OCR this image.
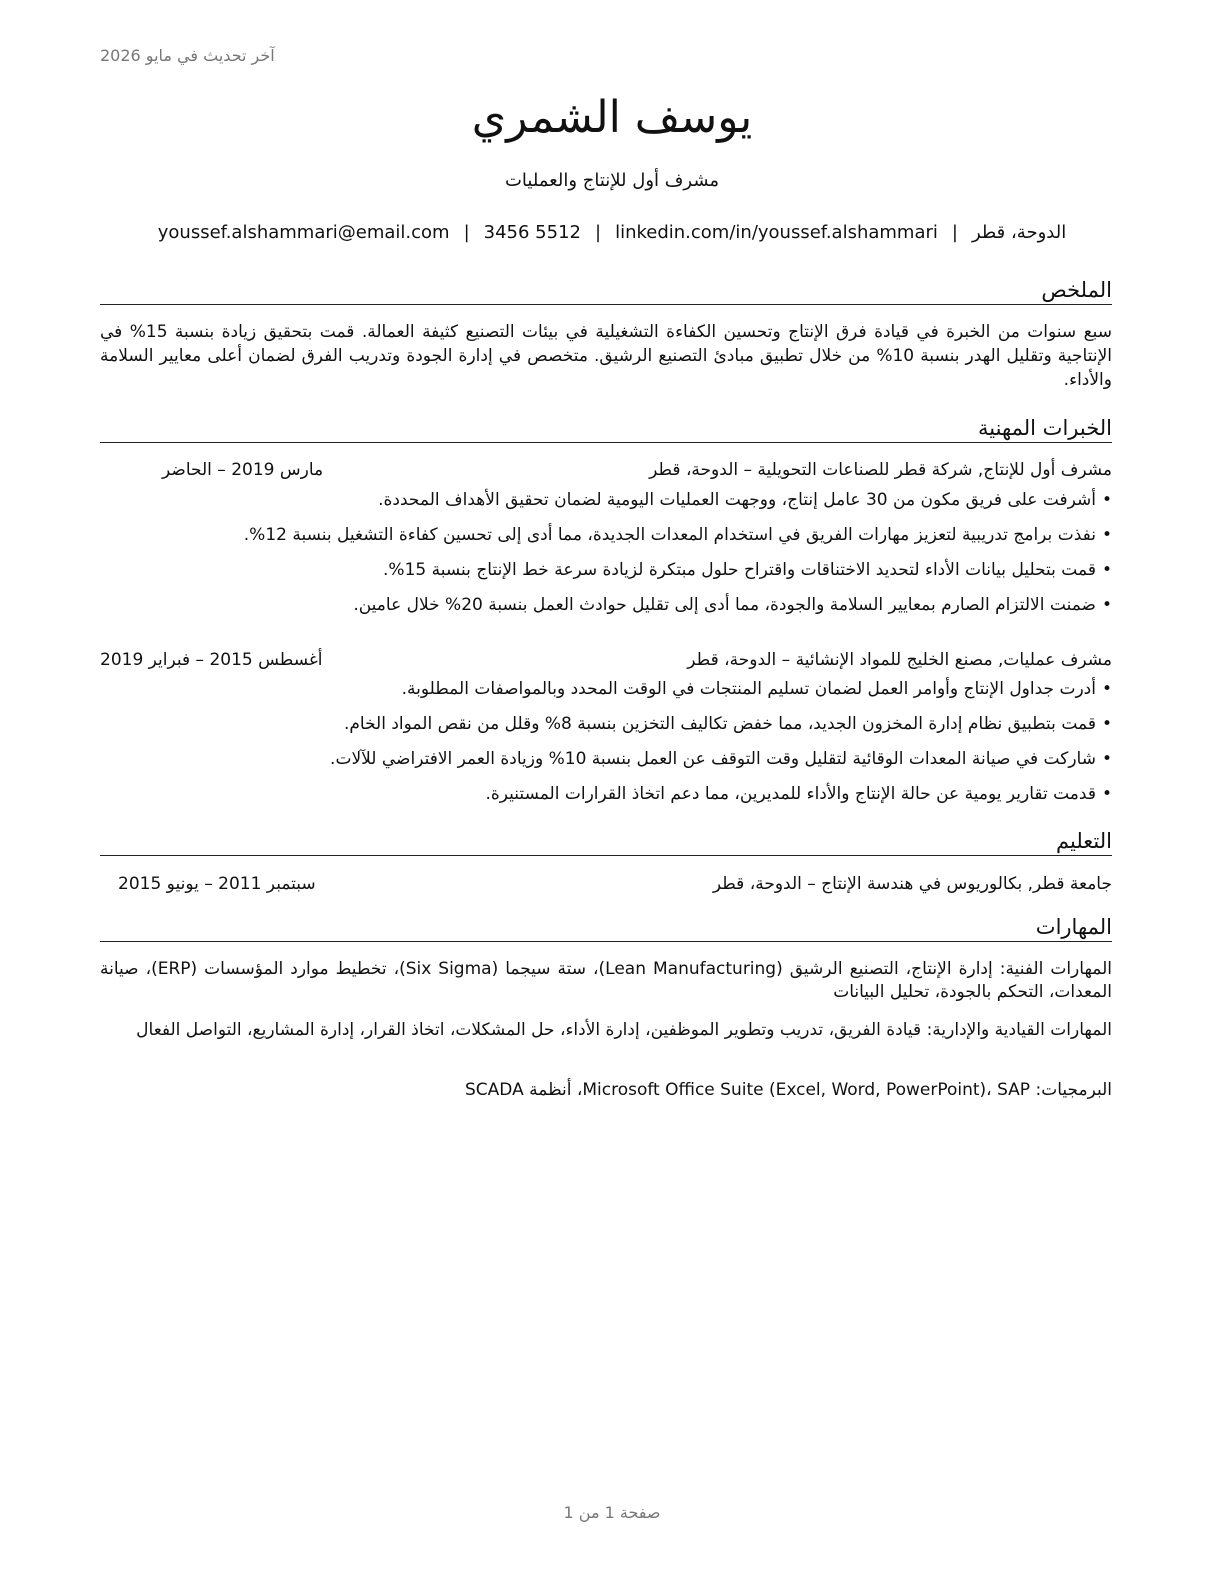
آخر تحديث في مايو 2026
يوسف الشمري
مشرف أول للإنتاج والعمليات
الدوحة، قطر|youssef.alshammari@email.com | 3456 5512 | linkedin.com/in/youssef.alshammari
الملخص
سبع سنوات من الخبرة في قيادة فرق الإنتاج وتحسين الكفاءة التشغيلية في بيئات التصنيع كثيفة العمالة. قمت بتحقيق زيادة بنسبة 15% في الإنتاجية وتقليل الهدر بنسبة 10% من خلال تطبيق مبادئ التصنيع الرشيق. متخصص في إدارة الجودة وتدريب الفرق لضمان أعلى معايير السلامة والأداء.
الخبرات المهنية
مشرف أول للإنتاج, شركة قطر للصناعات التحويلية – الدوحة، قطر
مارس 2019 – الحاضر
•أشرفت على فريق مكون من 30 عامل إنتاج، ووجهت العمليات اليومية لضمان تحقيق الأهداف المحددة.
•نفذت برامج تدريبية لتعزيز مهارات الفريق في استخدام المعدات الجديدة، مما أدى إلى تحسين كفاءة التشغيل بنسبة 12%.
•قمت بتحليل بيانات الأداء لتحديد الاختناقات واقتراح حلول مبتكرة لزيادة سرعة خط الإنتاج بنسبة 15%.
•ضمنت الالتزام الصارم بمعايير السلامة والجودة، مما أدى إلى تقليل حوادث العمل بنسبة 20% خلال عامين.
مشرف عمليات, مصنع الخليج للمواد الإنشائية – الدوحة، قطر
أغسطس 2015 – فبراير 2019
•أدرت جداول الإنتاج وأوامر العمل لضمان تسليم المنتجات في الوقت المحدد وبالمواصفات المطلوبة.
•قمت بتطبيق نظام إدارة المخزون الجديد، مما خفض تكاليف التخزين بنسبة 8% وقلل من نقص المواد الخام.
•شاركت في صيانة المعدات الوقائية لتقليل وقت التوقف عن العمل بنسبة 10% وزيادة العمر الافتراضي للآلات.
•قدمت تقارير يومية عن حالة الإنتاج والأداء للمديرين، مما دعم اتخاذ القرارات المستنيرة.
التعليم
جامعة قطر, بكالوريوس في هندسة الإنتاج – الدوحة، قطر
سبتمبر 2011 – يونيو 2015
المهارات
المهارات الفنية: إدارة الإنتاج، التصنيع الرشيق (Lean Manufacturing)، ستة سيجما (Six Sigma)، تخطيط موارد المؤسسات (ERP)، صيانة المعدات، التحكم بالجودة، تحليل البيانات
المهارات القيادية والإدارية: قيادة الفريق، تدريب وتطوير الموظفين، إدارة الأداء، حل المشكلات، اتخاذ القرار، إدارة المشاريع، التواصل الفعال
البرمجيات: Microsoft Office Suite (Excel, Word, PowerPoint)، SAP، أنظمة SCADA
صفحة 1 من 1
